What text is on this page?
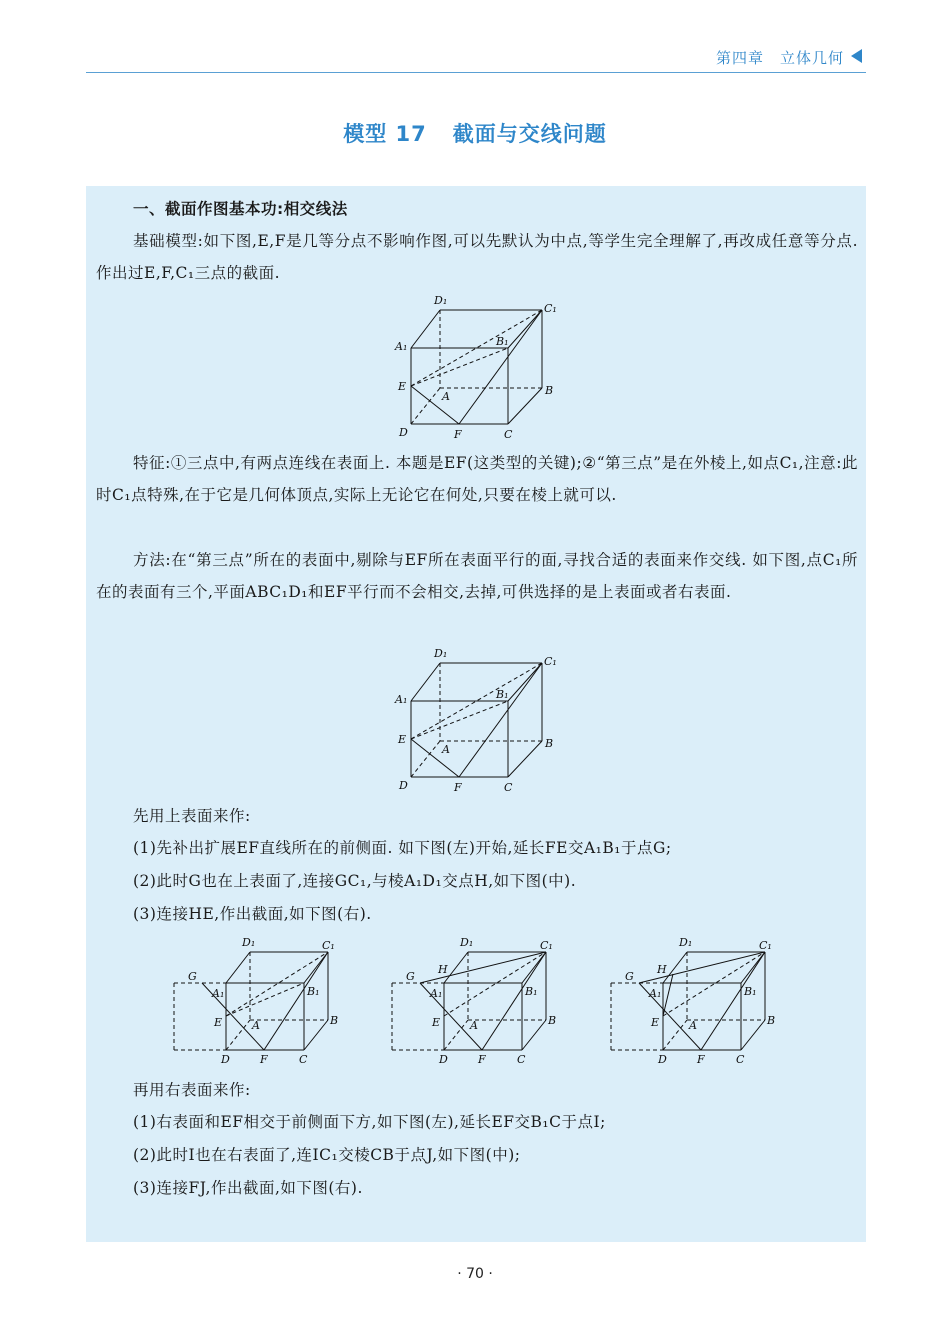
第四章 立体几何
模型 17 截面与交线问题
一、截面作图基本功:相交线法
基础模型:如下图,E,F是几等分点不影响作图,可以先默认为中点,等学生完全理解了,再改成任意等分点. 作出过E,F,C₁三点的截面.
D₁
C₁
A₁	B₁
E
A	B
D	F	C
特征:①三点中,有两点连线在表面上. 本题是EF(这类型的关键);②“第三点”是在外棱上,如点C₁,注意:此时C₁点特殊,在于它是几何体顶点,实际上无论它在何处,只要在棱上就可以.
方法:在“第三点”所在的表面中,剔除与EF所在表面平行的面,寻找合适的表面来作交线. 如下图,点C₁所在的表面有三个,平面ABC₁D₁和EF平行而不会相交,去掉,可供选择的是上表面或者右表面.
D₁
C₁
A₁	B₁
E
A	B
D	F	C
先用上表面来作:
(1)先补出扩展EF直线所在的前侧面. 如下图(左)开始,延长FE交A₁B₁于点G;
(2)此时G也在上表面了,连接GC₁,与棱A₁D₁交点H,如下图(中).
(3)连接HE,作出截面,如下图(右).
G
D₁	C₁
A₁	B₁
E	A	B
D	F	C
G
H
D₁	C₁
A₁	B₁
E	A	B
D	F	C
G
H
D₁	C₁
A₁	B₁
E	A	B
D	F	C
再用右表面来作:
(1)右表面和EF相交于前侧面下方,如下图(左),延长EF交B₁C于点I;
(2)此时I也在右表面了,连IC₁交棱CB于点J,如下图(中);
(3)连接FJ,作出截面,如下图(右).
· 70 ·
